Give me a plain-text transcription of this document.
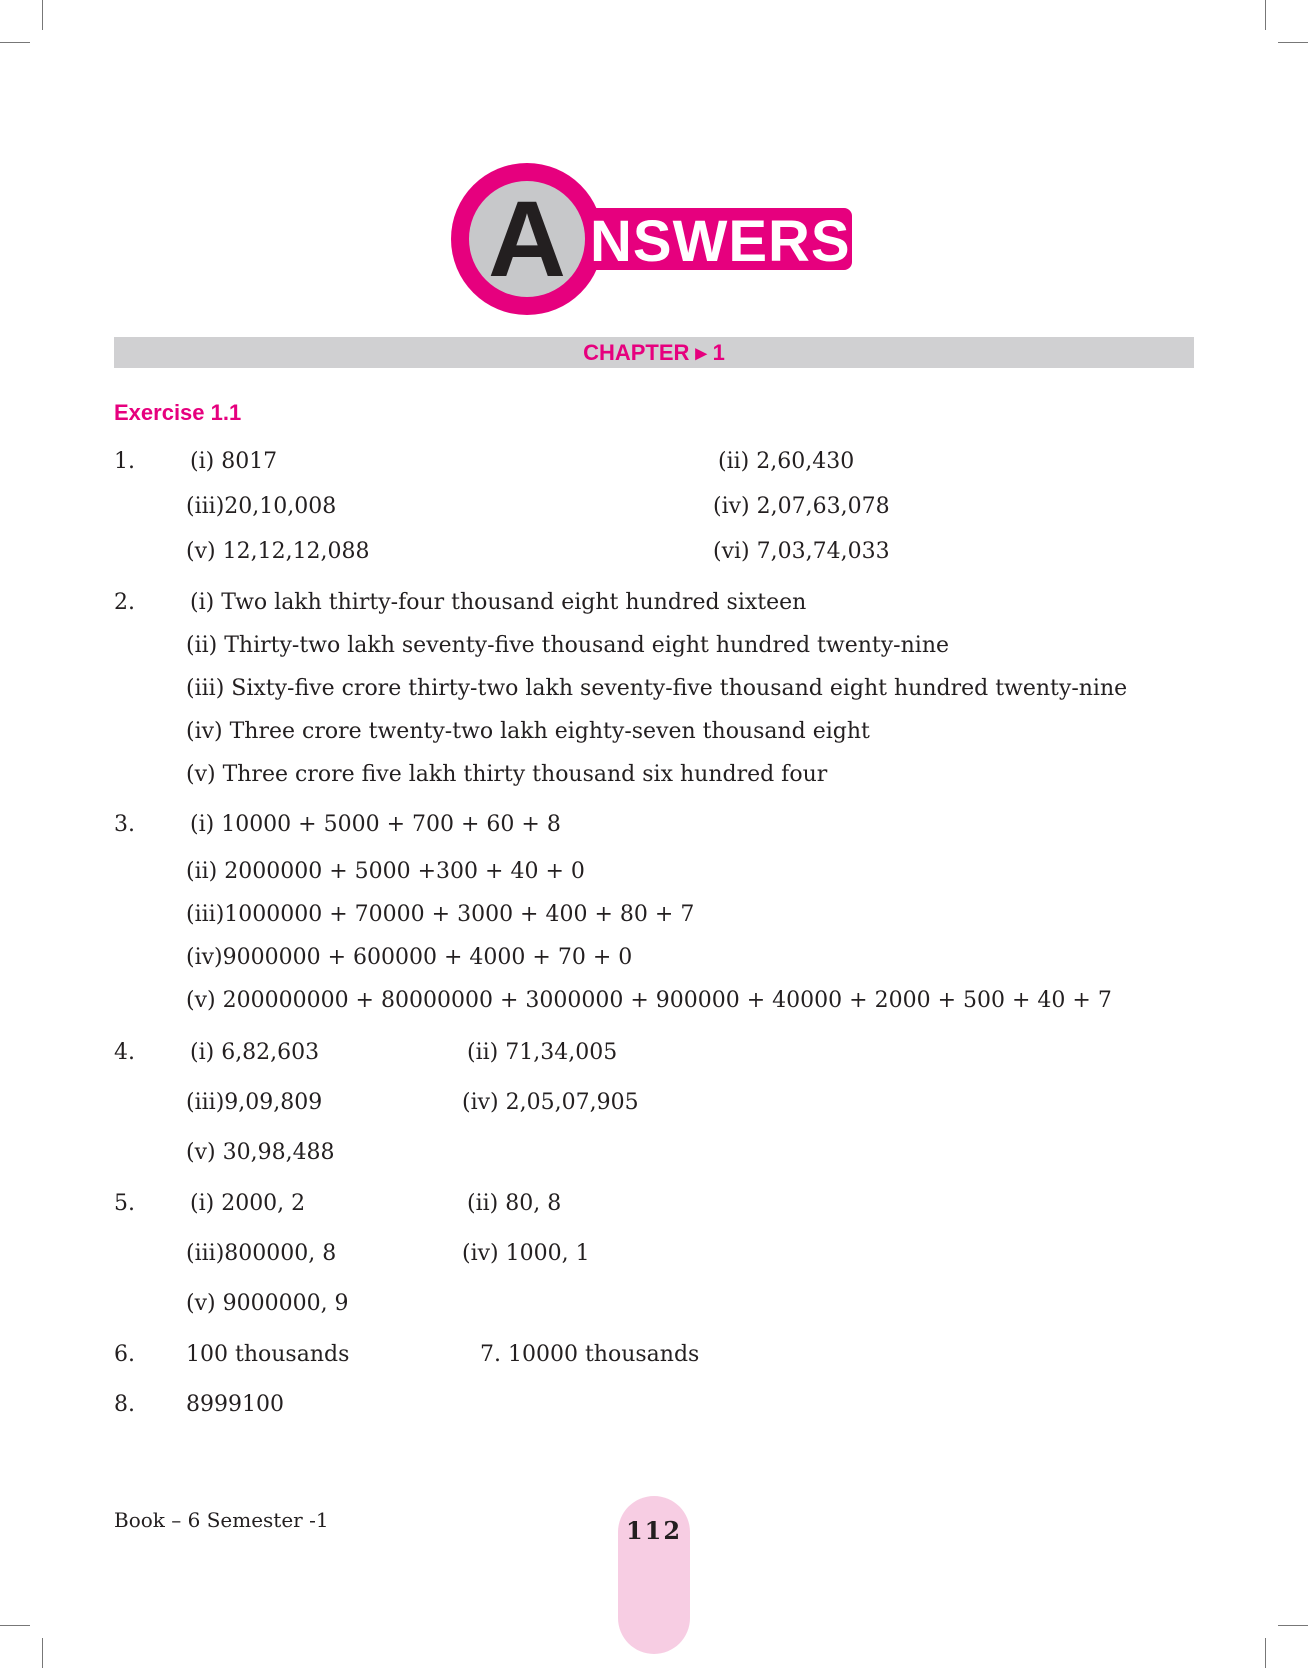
A NSWERS
CHAPTER ▸ 1
Exercise 1.1
1.	(i) 8017	(ii) 2,60,430
(iii)20,10,008	(iv) 2,07,63,078
(v) 12,12,12,088	(vi) 7,03,74,033
2.	(i) Two lakh thirty-four thousand eight hundred sixteen
(ii) Thirty-two lakh seventy-five thousand eight hundred twenty-nine
(iii) Sixty-five crore thirty-two lakh seventy-five thousand eight hundred twenty-nine
(iv) Three crore twenty-two lakh eighty-seven thousand eight
(v) Three crore five lakh thirty thousand six hundred four
3.	(i) 10000 + 5000 + 700 + 60 + 8
(ii) 2000000 + 5000 +300 + 40 + 0
(iii)1000000 + 70000 + 3000 + 400 + 80 + 7
(iv)9000000 + 600000 + 4000 + 70 + 0
(v) 200000000 + 80000000 + 3000000 + 900000 + 40000 + 2000 + 500 + 40 + 7
4.	(i) 6,82,603	(ii) 71,34,005
(iii)9,09,809	(iv) 2,05,07,905
(v) 30,98,488
5.	(i) 2000, 2	(ii) 80, 8
(iii)800000, 8	(iv) 1000, 1
(v) 9000000, 9
6. 100 thousands	7. 10000 thousands
8. 8999100
Book – 6 Semester -1	112
